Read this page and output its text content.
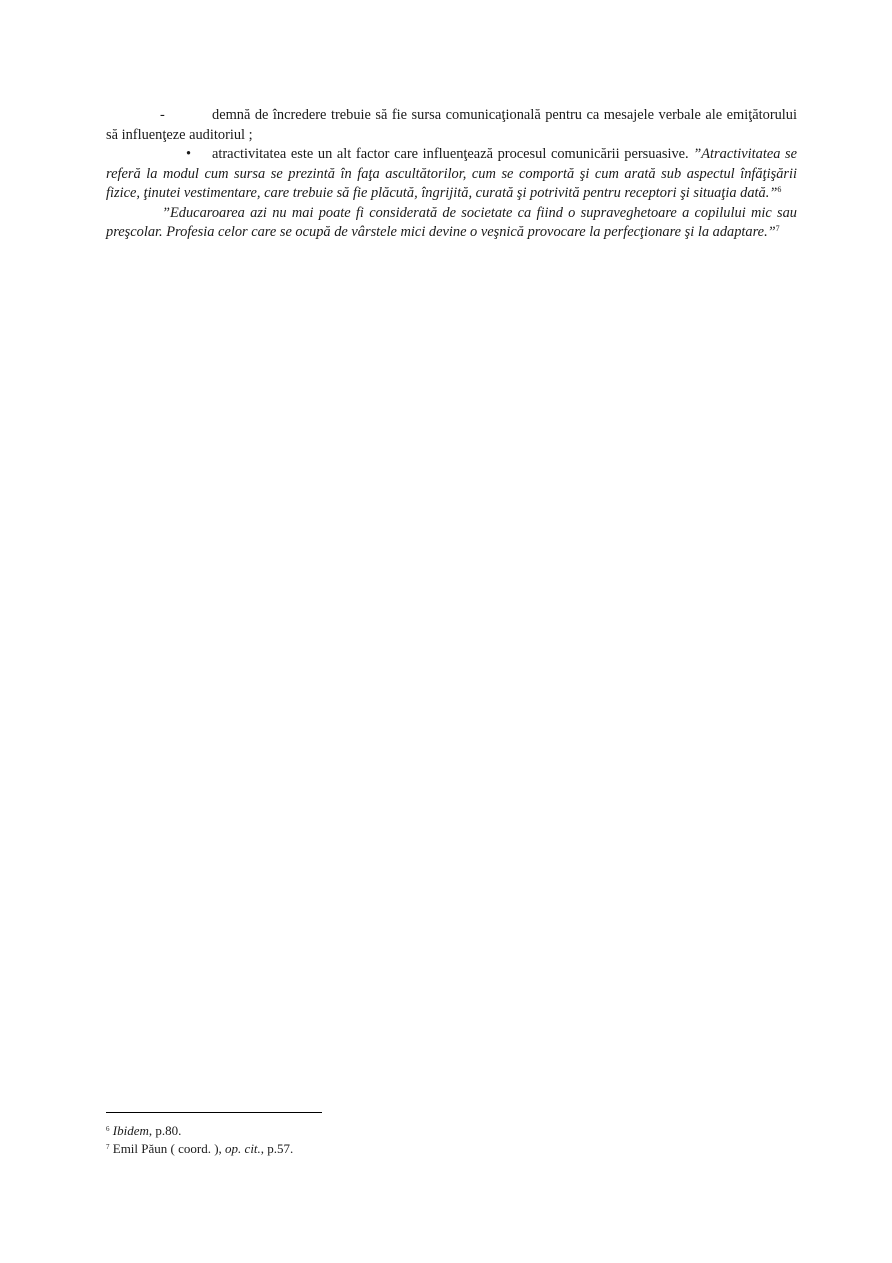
-	demnă de încredere trebuie să fie sursa comunicaţională pentru ca mesajele verbale ale emiţătorului să influenţeze auditoriul ;
• atractivitatea este un alt factor care influenţează procesul comunicării persuasive. ”Atractivitatea se referă la modul cum sursa se prezintă în faţa ascultătorilor, cum se comportă şi cum arată sub aspectul înfăţişării fizice, ţinutei vestimentare, care trebuie să fie plăcută, îngrijită, curată şi potrivită pentru receptori şi situaţia dată.”$^6$
”Educaroarea azi nu mai poate fi considerată de societate ca fiind o supraveghetoare a copilului mic sau preşcolar. Profesia celor care se ocupă de vârstele mici devine o veşnică provocare la perfecţionare şi la adaptare.”$^7$
$^6$ Ibidem, p.80.
$^7$ Emil Păun ( coord. ), op. cit., p.57.
